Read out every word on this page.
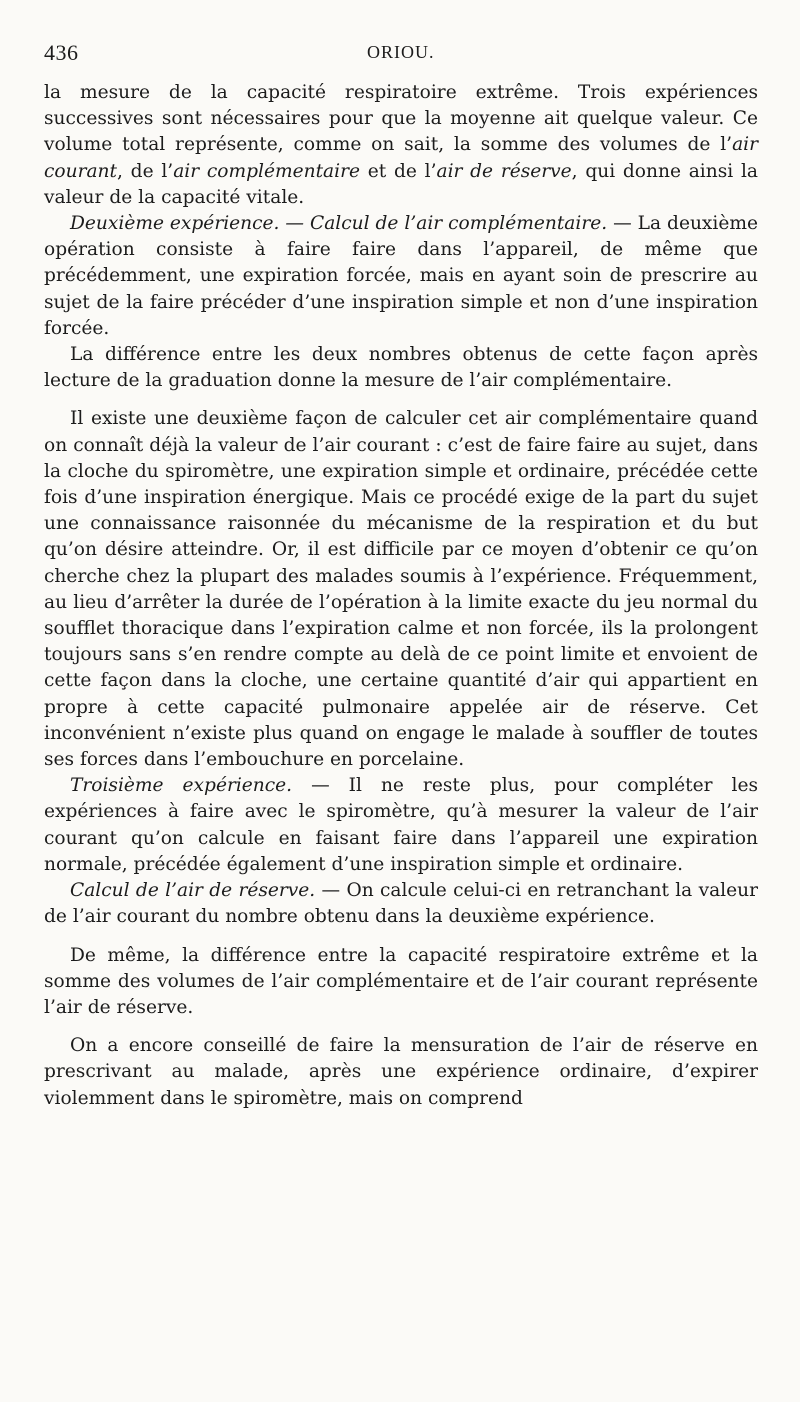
436	ORIOU.

la mesure de la capacité respiratoire extrême. Trois expériences successives sont nécessaires pour que la moyenne ait quelque valeur. Ce volume total représente, comme on sait, la somme des volumes de l’air courant, de l’air complémentaire et de l’air de réserve, qui donne ainsi la valeur de la capacité vitale.

Deuxième expérience. — Calcul de l’air complémentaire. — La deuxième opération consiste à faire faire dans l’appareil, de même que précédemment, une expiration forcée, mais en ayant soin de prescrire au sujet de la faire précéder d’une inspiration simple et non d’une inspiration forcée.

La différence entre les deux nombres obtenus de cette façon après lecture de la graduation donne la mesure de l’air complémentaire.

Il existe une deuxième façon de calculer cet air complémentaire quand on connaît déjà la valeur de l’air courant : c’est de faire faire au sujet, dans la cloche du spiromètre, une expiration simple et ordinaire, précédée cette fois d’une inspiration énergique. Mais ce procédé exige de la part du sujet une connaissance raisonnée du mécanisme de la respiration et du but qu’on désire atteindre. Or, il est difficile par ce moyen d’obtenir ce qu’on cherche chez la plupart des malades soumis à l’expérience. Fréquemment, au lieu d’arrêter la durée de l’opération à la limite exacte du jeu normal du soufflet thoracique dans l’expiration calme et non forcée, ils la prolongent toujours sans s’en rendre compte au delà de ce point limite et envoient de cette façon dans la cloche, une certaine quantité d’air qui appartient en propre à cette capacité pulmonaire appelée air de réserve. Cet inconvénient n’existe plus quand on engage le malade à souffler de toutes ses forces dans l’embouchure en porcelaine.

Troisième expérience. — Il ne reste plus, pour compléter les expériences à faire avec le spiromètre, qu’à mesurer la valeur de l’air courant qu’on calcule en faisant faire dans l’appareil une expiration normale, précédée également d’une inspiration simple et ordinaire.

Calcul de l’air de réserve. — On calcule celui-ci en retranchant la valeur de l’air courant du nombre obtenu dans la deuxième expérience.

De même, la différence entre la capacité respiratoire extrême et la somme des volumes de l’air complémentaire et de l’air courant représente l’air de réserve.

On a encore conseillé de faire la mensuration de l’air de réserve en prescrivant au malade, après une expérience ordinaire, d’expirer violemment dans le spiromètre, mais on comprend
